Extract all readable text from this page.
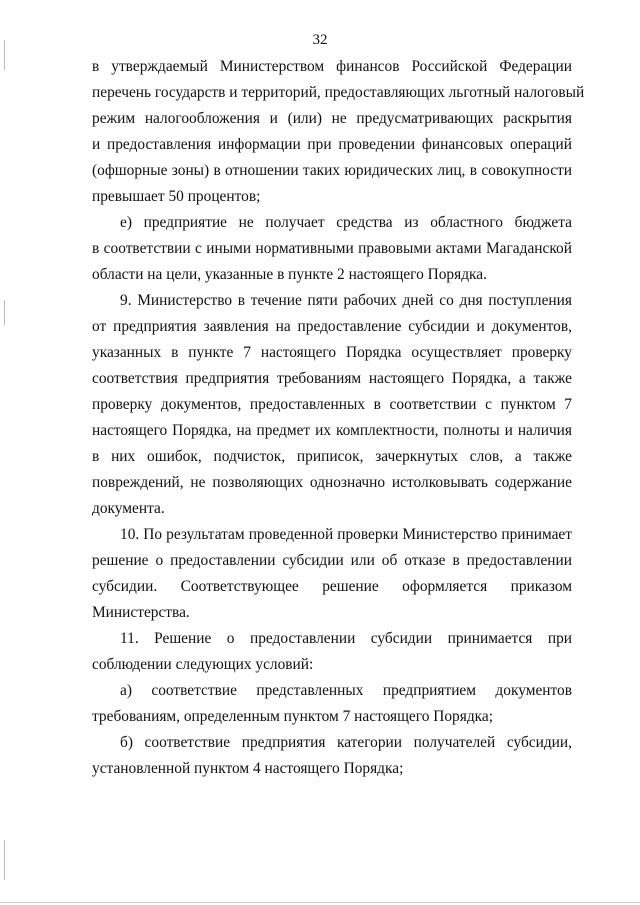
32
в утверждаемый Министерством финансов Российской Федерации
перечень государств и территорий, предоставляющих льготный налоговый
режим налогообложения и (или) не предусматривающих раскрытия
и предоставления информации при проведении финансовых операций
(офшорные зоны) в отношении таких юридических лиц, в совокупности
превышает 50 процентов;
е) предприятие не получает средства из областного бюджета
в соответствии с иными нормативными правовыми актами Магаданской
области на цели, указанные в пункте 2 настоящего Порядка.
9. Министерство в течение пяти рабочих дней со дня поступления
от предприятия заявления на предоставление субсидии и документов,
указанных в пункте 7 настоящего Порядка осуществляет проверку
соответствия предприятия требованиям настоящего Порядка, а также
проверку документов, предоставленных в соответствии с пунктом 7
настоящего Порядка, на предмет их комплектности, полноты и наличия
в них ошибок, подчисток, приписок, зачеркнутых слов, а также
повреждений, не позволяющих однозначно истолковывать содержание
документа.
10. По результатам проведенной проверки Министерство принимает
решение о предоставлении субсидии или об отказе в предоставлении
субсидии. Соответствующее решение оформляется приказом
Министерства.
11. Решение о предоставлении субсидии принимается при
соблюдении следующих условий:
а) соответствие представленных предприятием документов
требованиям, определенным пунктом 7 настоящего Порядка;
б) соответствие предприятия категории получателей субсидии,
установленной пунктом 4 настоящего Порядка;
